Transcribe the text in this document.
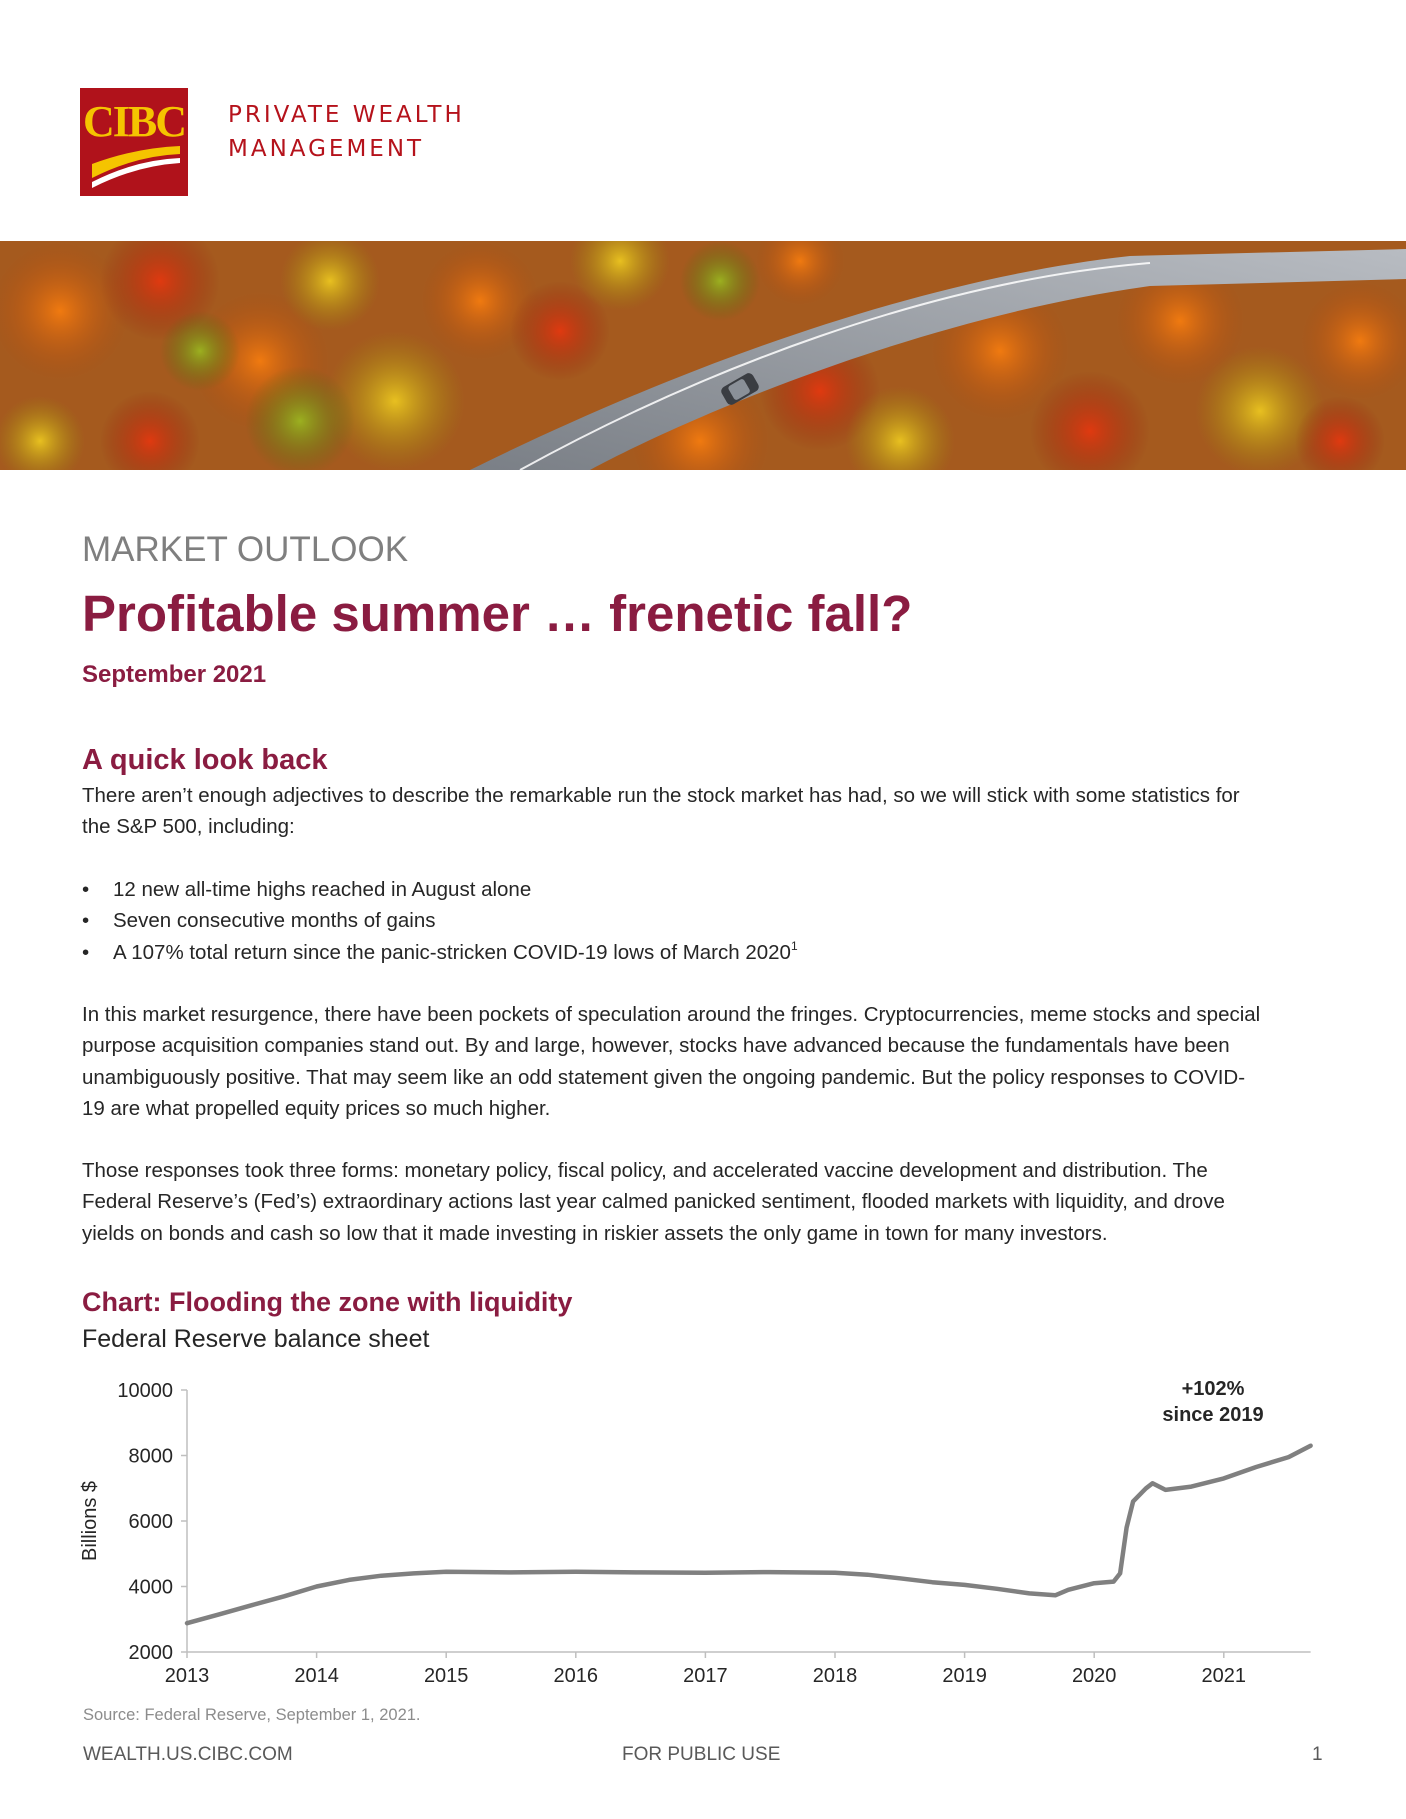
CIBC PRIVATE WEALTH
MANAGEMENT
MARKET OUTLOOK
Profitable summer … frenetic fall?
September 2021
A quick look back
There aren’t enough adjectives to describe the remarkable run the stock market has had, so we will stick with some statistics for
the S&P 500, including:
• 12 new all-time highs reached in August alone
• Seven consecutive months of gains
• A 107% total return since the panic-stricken COVID-19 lows of March 2020$^1$
In this market resurgence, there have been pockets of speculation around the fringes. Cryptocurrencies, meme stocks and special
purpose acquisition companies stand out. By and large, however, stocks have advanced because the fundamentals have been
unambiguously positive. That may seem like an odd statement given the ongoing pandemic. But the policy responses to COVID-
19 are what propelled equity prices so much higher.
Those responses took three forms: monetary policy, fiscal policy, and accelerated vaccine development and distribution. The
Federal Reserve’s (Fed’s) extraordinary actions last year calmed panicked sentiment, flooded markets with liquidity, and drove
yields on bonds and cash so low that it made investing in riskier assets the only game in town for many investors.
Chart: Flooding the zone with liquidity
Federal Reserve balance sheet
2000
4000
6000
8000
10000
2013	2014	2015	2016	2017	2018	2019	2020	2021
Billions $
+102%
since 2019
Source: Federal Reserve, September 1, 2021.
WEALTH.US.CIBC.COM	FOR PUBLIC USE	1
